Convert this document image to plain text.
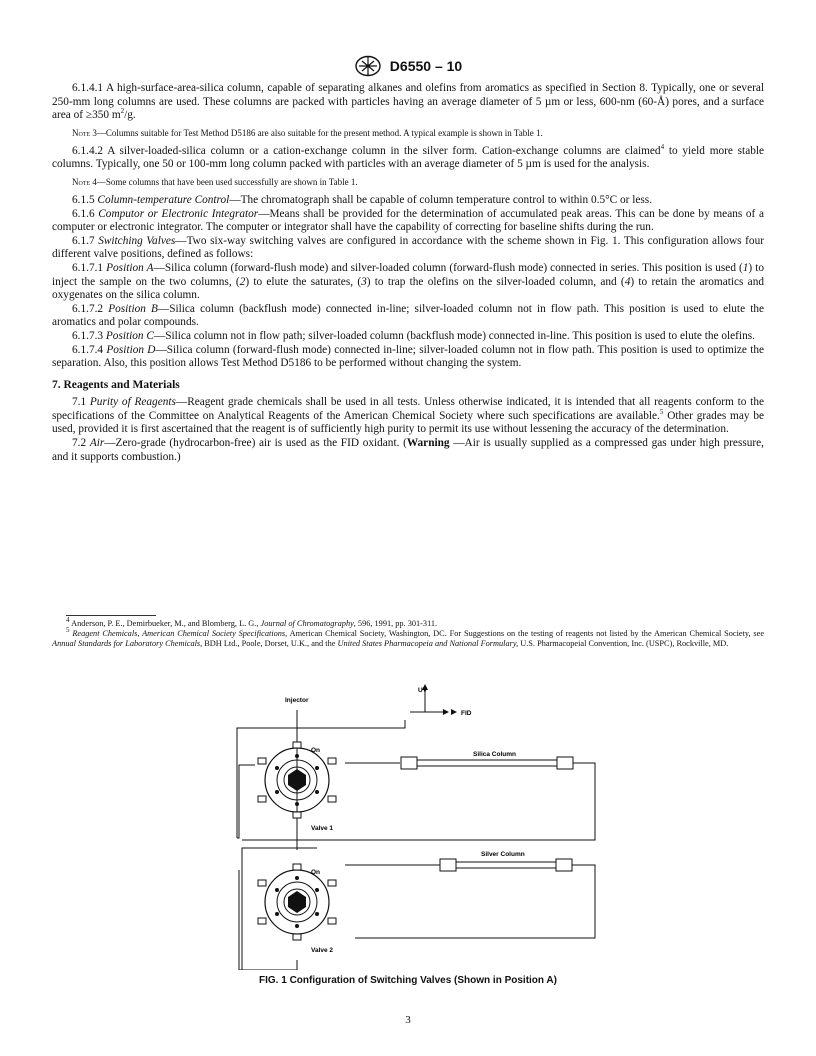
D6550 – 10

6.1.4.1 A high-surface-area-silica column, capable of separating alkanes and olefins from aromatics as specified in Section 8. Typically, one or several 250-mm long columns are used. These columns are packed with particles having an average diameter of 5 µm or less, 600-nm (60-Å) pores, and a surface area of ≥350 $m^2/g$.

Note 3—Columns suitable for Test Method D5186 are also suitable for the present method. A typical example is shown in Table 1.

6.1.4.2 A silver-loaded-silica column or a cation-exchange column in the silver form. Cation-exchange columns are claimed$^4$ to yield more stable columns. Typically, one 50 or 100-mm long column packed with particles with an average diameter of 5 µm is used for the analysis.

Note 4—Some columns that have been used successfully are shown in Table 1.

6.1.5 Column-temperature Control—The chromatograph shall be capable of column temperature control to within 0.5°C or less.

6.1.6 Computor or Electronic Integrator—Means shall be provided for the determination of accumulated peak areas. This can be done by means of a computer or electronic integrator. The computer or integrator shall have the capability of correcting for baseline shifts during the run.

6.1.7 Switching Valves—Two six-way switching valves are configured in accordance with the scheme shown in Fig. 1. This configuration allows four different valve positions, defined as follows:

6.1.7.1 Position A—Silica column (forward-flush mode) and silver-loaded column (forward-flush mode) connected in series. This position is used (1) to inject the sample on the two columns, (2) to elute the saturates, (3) to trap the olefins on the silver-loaded column, and (4) to retain the aromatics and oxygenates on the silica column.

6.1.7.2 Position B—Silica column (backflush mode) connected in-line; silver-loaded column not in flow path. This position is used to elute the aromatics and polar compounds.

6.1.7.3 Position C—Silica column not in flow path; silver-loaded column (backflush mode) connected in-line. This position is used to elute the olefins.

6.1.7.4 Position D—Silica column (forward-flush mode) connected in-line; silver-loaded column not in flow path. This position is used to optimize the separation. Also, this position allows Test Method D5186 to be performed without changing the system.

7. Reagents and Materials

7.1 Purity of Reagents—Reagent grade chemicals shall be used in all tests. Unless otherwise indicated, it is intended that all reagents conform to the specifications of the Committee on Analytical Reagents of the American Chemical Society where such specifications are available.$^5$ Other grades may be used, provided it is first ascertained that the reagent is of sufficiently high purity to permit its use without lessening the accuracy of the determination.

7.2 Air—Zero-grade (hydrocarbon-free) air is used as the FID oxidant. (Warning —Air is usually supplied as a compressed gas under high pressure, and it supports combustion.)

$^4$ Anderson, P. E., Demirbueker, M., and Blomberg, L. G., Journal of Chromatography, 596, 1991, pp. 301-311.

$^5$ Reagent Chemicals, American Chemical Society Specifications, American Chemical Society, Washington, DC. For Suggestions on the testing of reagents not listed by the American Chemical Society, see Annual Standards for Laboratory Chemicals, BDH Ltd., Poole, Dorset, U.K., and the United States Pharmacopeia and National Formulary, U.S. Pharmacopeial Convention, Inc. (USPC), Rockville, MD.

Injector
UV
FID
Silica Column
Silver Column
On
On
Valve 1
Valve 2
FIG. 1 Configuration of Switching Valves (Shown in Position A)
3
